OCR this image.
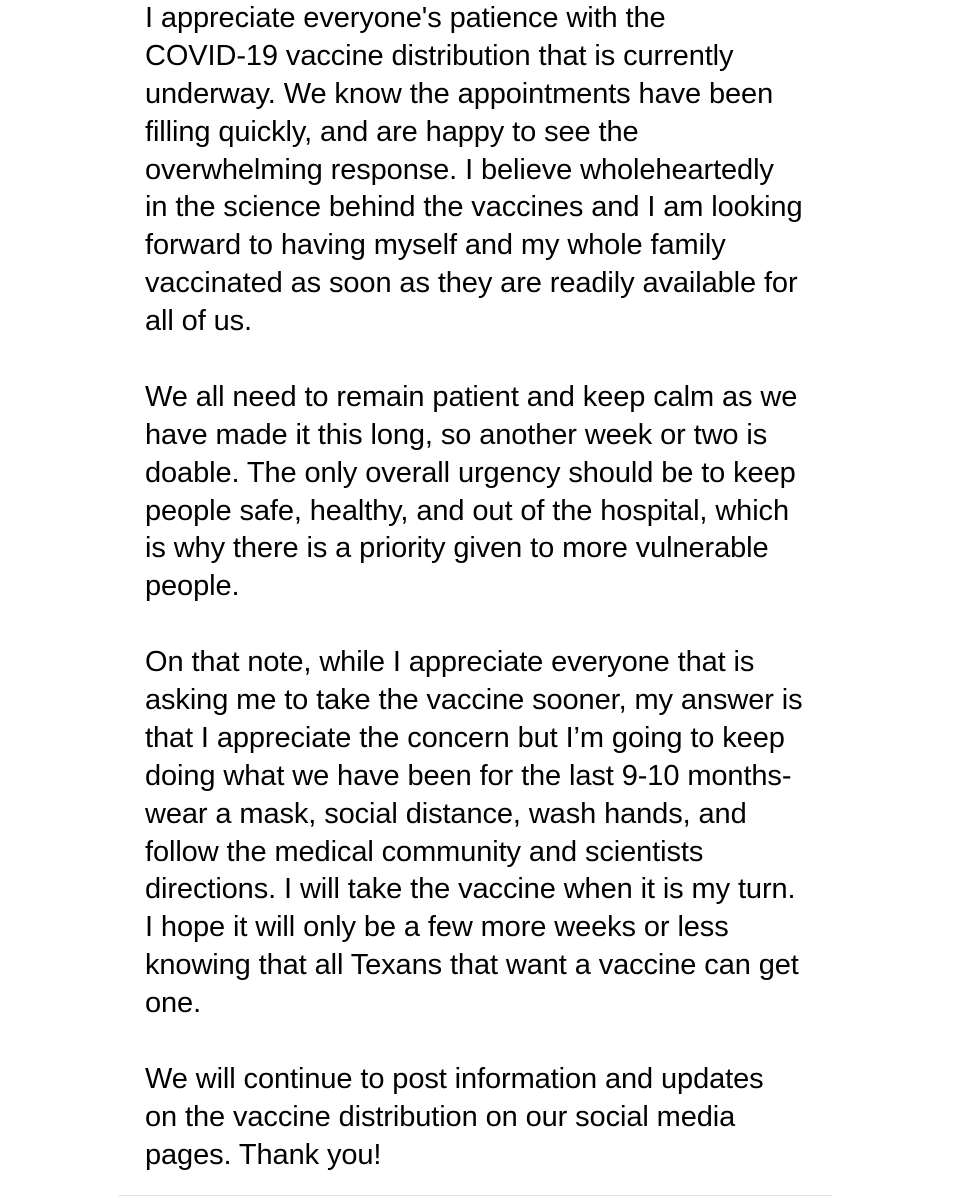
I appreciate everyone's patience with the
COVID-19 vaccine distribution that is currently
underway. We know the appointments have been
filling quickly, and are happy to see the
overwhelming response. I believe wholeheartedly
in the science behind the vaccines and I am looking
forward to having myself and my whole family
vaccinated as soon as they are readily available for
all of us.
We all need to remain patient and keep calm as we
have made it this long, so another week or two is
doable. The only overall urgency should be to keep
people safe, healthy, and out of the hospital, which
is why there is a priority given to more vulnerable
people.
On that note, while I appreciate everyone that is
asking me to take the vaccine sooner, my answer is
that I appreciate the concern but I’m going to keep
doing what we have been for the last 9-10 months-
wear a mask, social distance, wash hands, and
follow the medical community and scientists
directions. I will take the vaccine when it is my turn.
I hope it will only be a few more weeks or less
knowing that all Texans that want a vaccine can get
one.
We will continue to post information and updates
on the vaccine distribution on our social media
pages. Thank you!
